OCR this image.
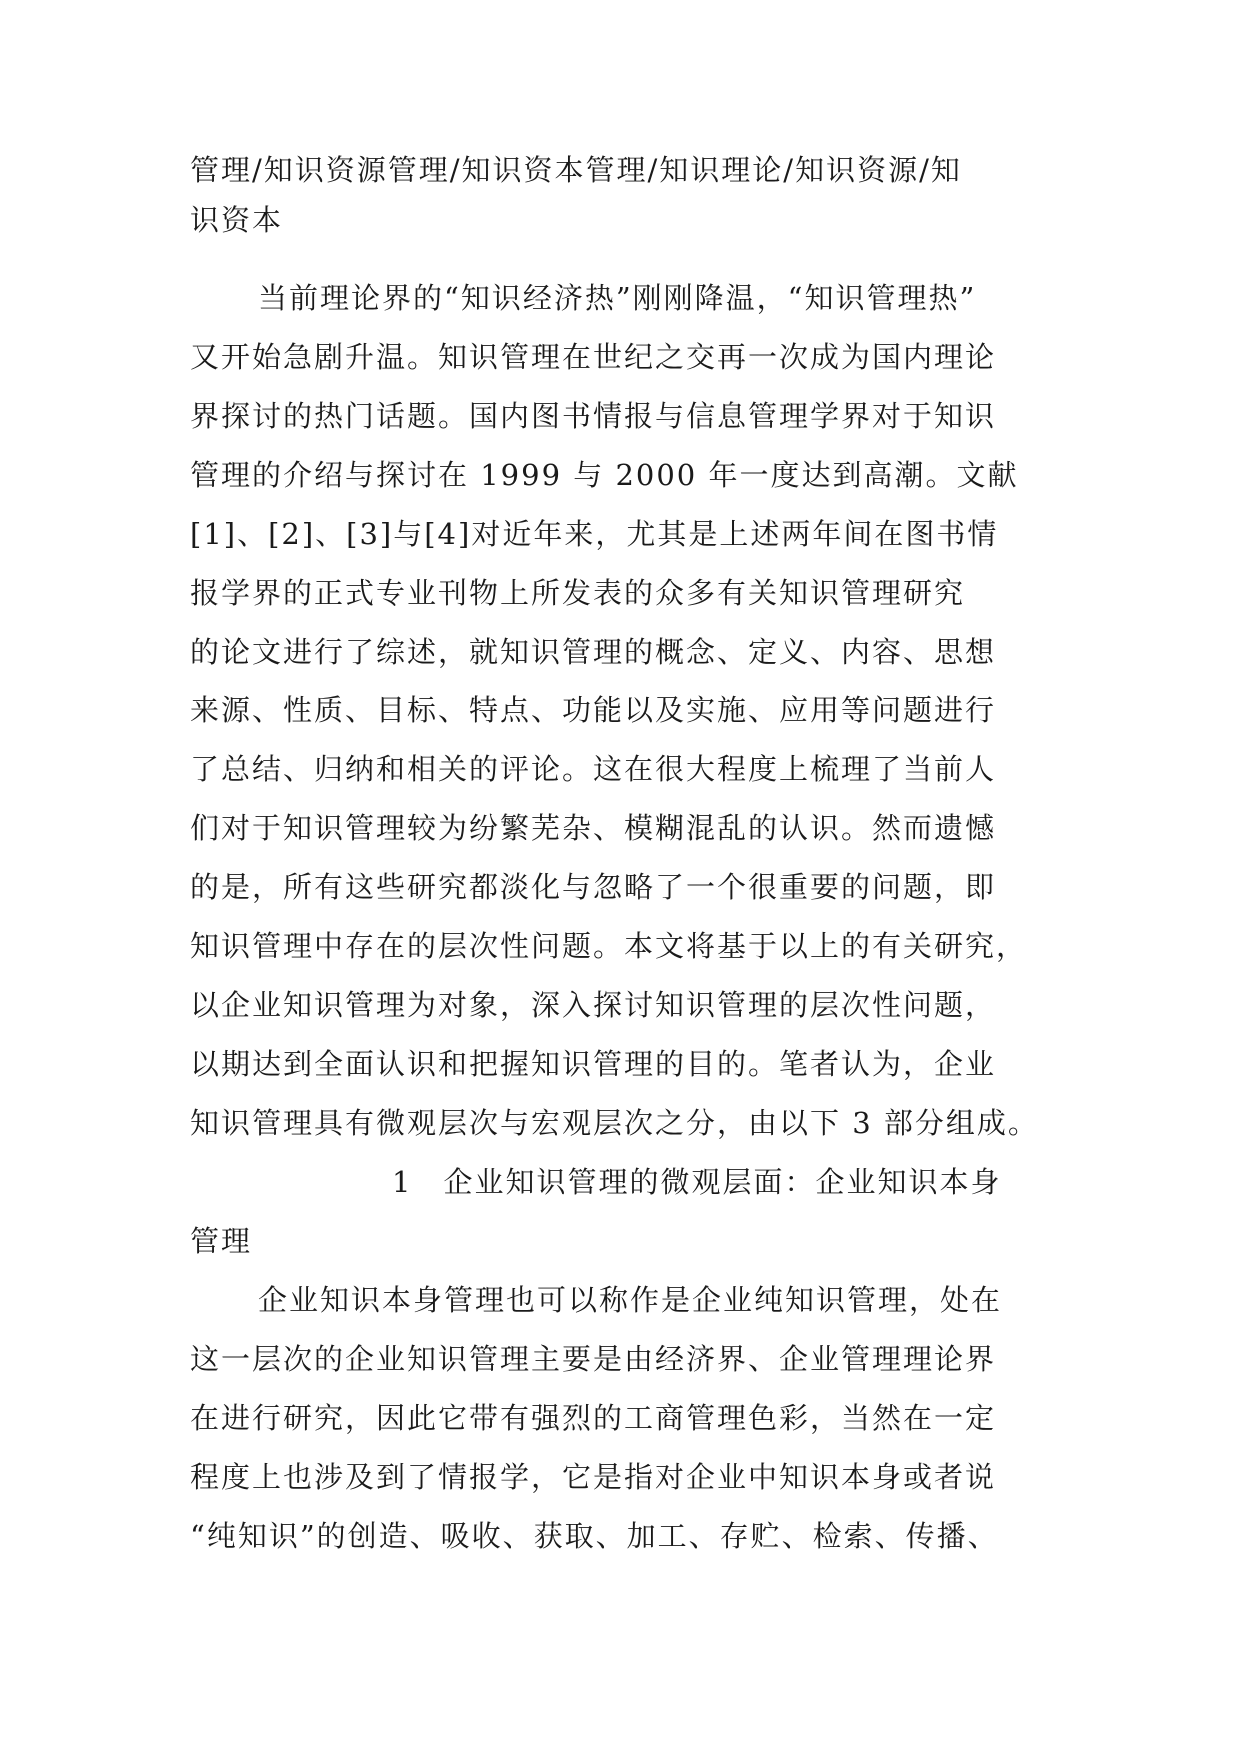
管理/知识资源管理/知识资本管理/知识理论/知识资源/知
识资本
当前理论界的“知识经济热”刚刚降温，“知识管理热”
又开始急剧升温。知识管理在世纪之交再一次成为国内理论
界探讨的热门话题。国内图书情报与信息管理学界对于知识
管理的介绍与探讨在 1999 与 2000 年一度达到高潮。文献
[1]、[2]、[3]与[4]对近年来，尤其是上述两年间在图书情
报学界的正式专业刊物上所发表的众多有关知识管理研究
的论文进行了综述，就知识管理的概念、定义、内容、思想
来源、性质、目标、特点、功能以及实施、应用等问题进行
了总结、归纳和相关的评论。这在很大程度上梳理了当前人
们对于知识管理较为纷繁芜杂、模糊混乱的认识。然而遗憾
的是，所有这些研究都淡化与忽略了一个很重要的问题，即
知识管理中存在的层次性问题。本文将基于以上的有关研究，
以企业知识管理为对象，深入探讨知识管理的层次性问题，
以期达到全面认识和把握知识管理的目的。笔者认为，企业
知识管理具有微观层次与宏观层次之分，由以下 3 部分组成。
1　企业知识管理的微观层面：企业知识本身
管理
企业知识本身管理也可以称作是企业纯知识管理，处在
这一层次的企业知识管理主要是由经济界、企业管理理论界
在进行研究，因此它带有强烈的工商管理色彩，当然在一定
程度上也涉及到了情报学，它是指对企业中知识本身或者说
“纯知识”的创造、吸收、获取、加工、存贮、检索、传播、
